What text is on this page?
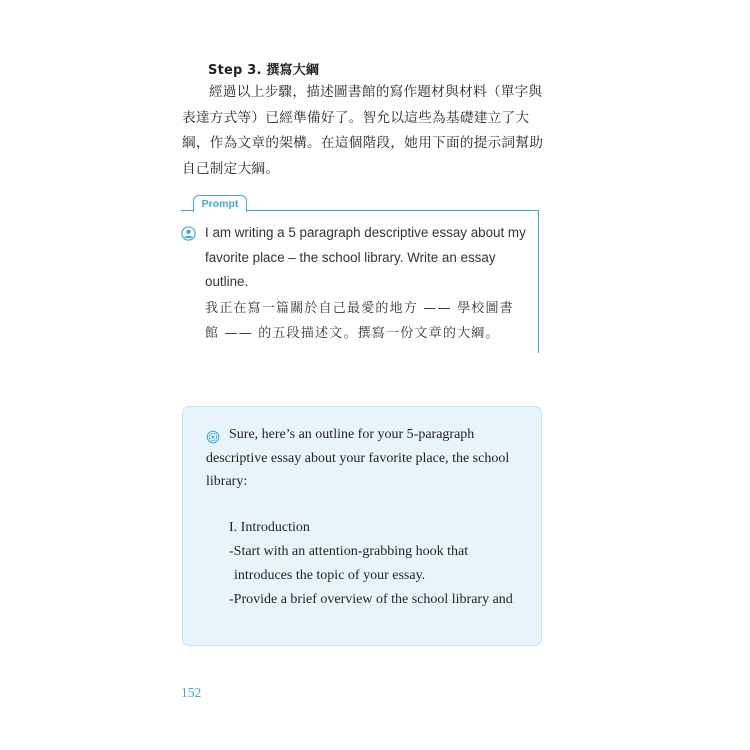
Step 3. 撰寫大綱

經過以上步驟，描述圖書館的寫作題材與材料（單字與表達方式等）已經準備好了。智允以這些為基礎建立了大綱，作為文章的架構。在這個階段，她用下面的提示詞幫助自己制定大綱。

Prompt

I am writing a 5 paragraph descriptive essay about my favorite place – the school library. Write an essay outline.

我正在寫一篇關於自己最愛的地方 —— 學校圖書館 —— 的五段描述文。撰寫一份文章的大綱。

Sure, here’s an outline for your 5-paragraph descriptive essay about your favorite place, the school library:

I. Introduction

-Start with an attention-grabbing hook that
introduces the topic of your essay.

-Provide a brief overview of the school library and

152
